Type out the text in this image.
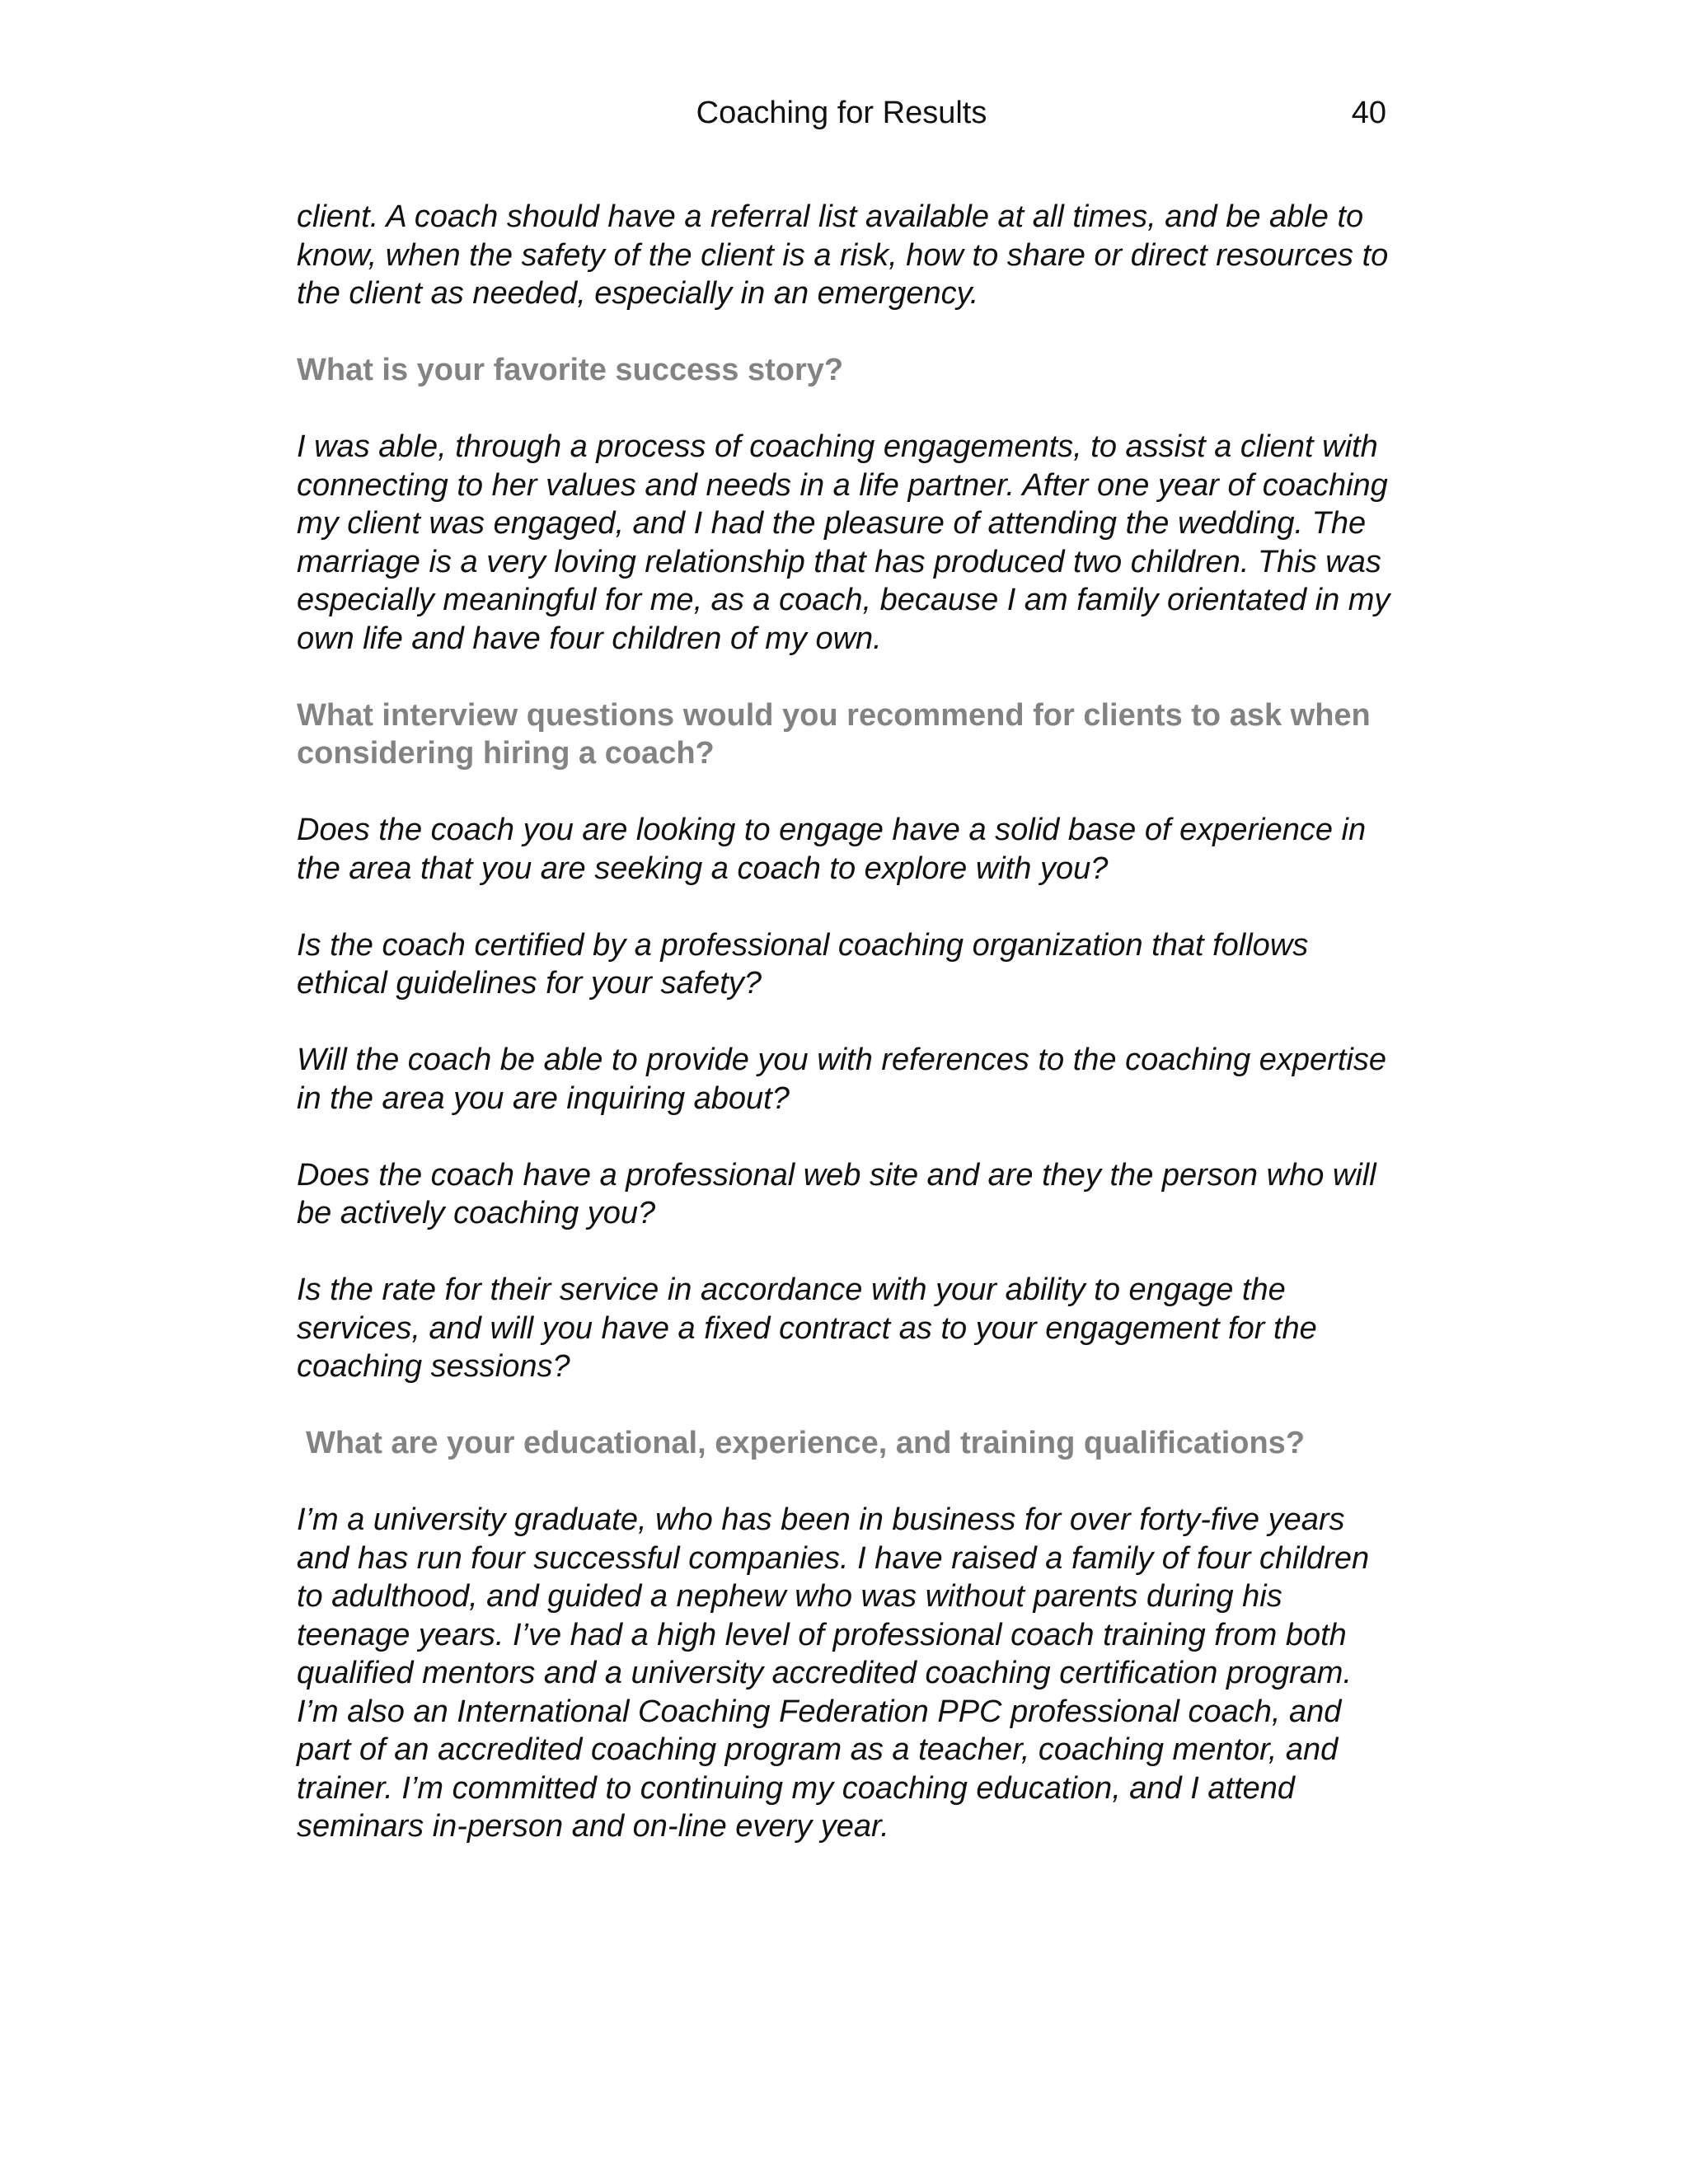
Coaching for Results	40

client. A coach should have a referral list available at all times, and be able to know, when the safety of the client is a risk, how to share or direct resources to the client as needed, especially in an emergency.

What is your favorite success story?

I was able, through a process of coaching engagements, to assist a client with connecting to her values and needs in a life partner. After one year of coaching my client was engaged, and I had the pleasure of attending the wedding. The marriage is a very loving relationship that has produced two children. This was especially meaningful for me, as a coach, because I am family orientated in my own life and have four children of my own.

What interview questions would you recommend for clients to ask when considering hiring a coach?

Does the coach you are looking to engage have a solid base of experience in the area that you are seeking a coach to explore with you?

Is the coach certified by a professional coaching organization that follows ethical guidelines for your safety?

Will the coach be able to provide you with references to the coaching expertise in the area you are inquiring about?

Does the coach have a professional web site and are they the person who will be actively coaching you?

Is the rate for their service in accordance with your ability to engage the services, and will you have a fixed contract as to your engagement for the coaching sessions?

What are your educational, experience, and training qualifications?

I’m a university graduate, who has been in business for over forty-five years and has run four successful companies. I have raised a family of four children to adulthood, and guided a nephew who was without parents during his teenage years. I’ve had a high level of professional coach training from both qualified mentors and a university accredited coaching certification program. I’m also an International Coaching Federation PPC professional coach, and part of an accredited coaching program as a teacher, coaching mentor, and trainer. I’m committed to continuing my coaching education, and I attend seminars in-person and on-line every year.
